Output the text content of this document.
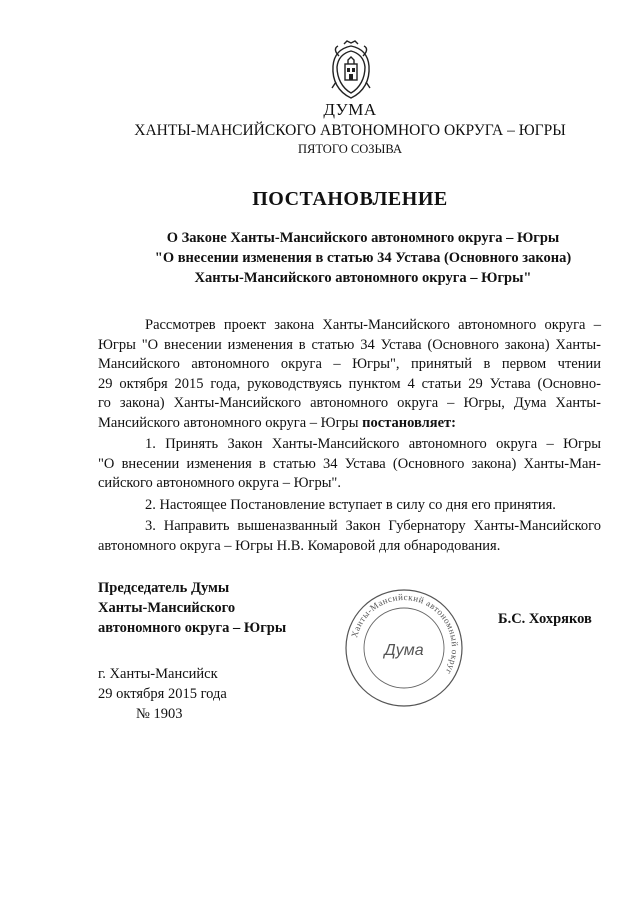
ДУМА
ХАНТЫ-МАНСИЙСКОГО АВТОНОМНОГО ОКРУГА – ЮГРЫ
ПЯТОГО СОЗЫВА
ПОСТАНОВЛЕНИЕ
О Законе Ханты-Мансийского автономного округа – Югры
"О внесении изменения в статью 34 Устава (Основного закона)
Ханты-Мансийского автономного округа – Югры"
Рассмотрев проект закона Ханты-Мансийского автономного округа –
Югры "О внесении изменения в статью 34 Устава (Основного закона) Ханты-
Мансийского автономного округа – Югры", принятый в первом чтении
29 октября 2015 года, руководствуясь пунктом 4 статьи 29 Устава (Основно-
го закона) Ханты-Мансийского автономного округа – Югры, Дума Ханты-
Мансийского автономного округа – Югры постановляет:
1. Принять Закон Ханты-Мансийского автономного округа – Югры
"О внесении изменения в статью 34 Устава (Основного закона) Ханты-Ман-
сийского автономного округа – Югры".
2. Настоящее Постановление вступает в силу со дня его принятия.
3. Направить вышеназванный Закон Губернатору Ханты-Мансийского
автономного округа – Югры Н.В. Комаровой для обнародования.
Председатель Думы
Ханты-Мансийского
автономного округа – Югры	Ханты-Мансийский автономный округ
Дума
Б.С. Хохряков
г. Ханты-Мансийск
29 октября 2015 года
№ 1903
